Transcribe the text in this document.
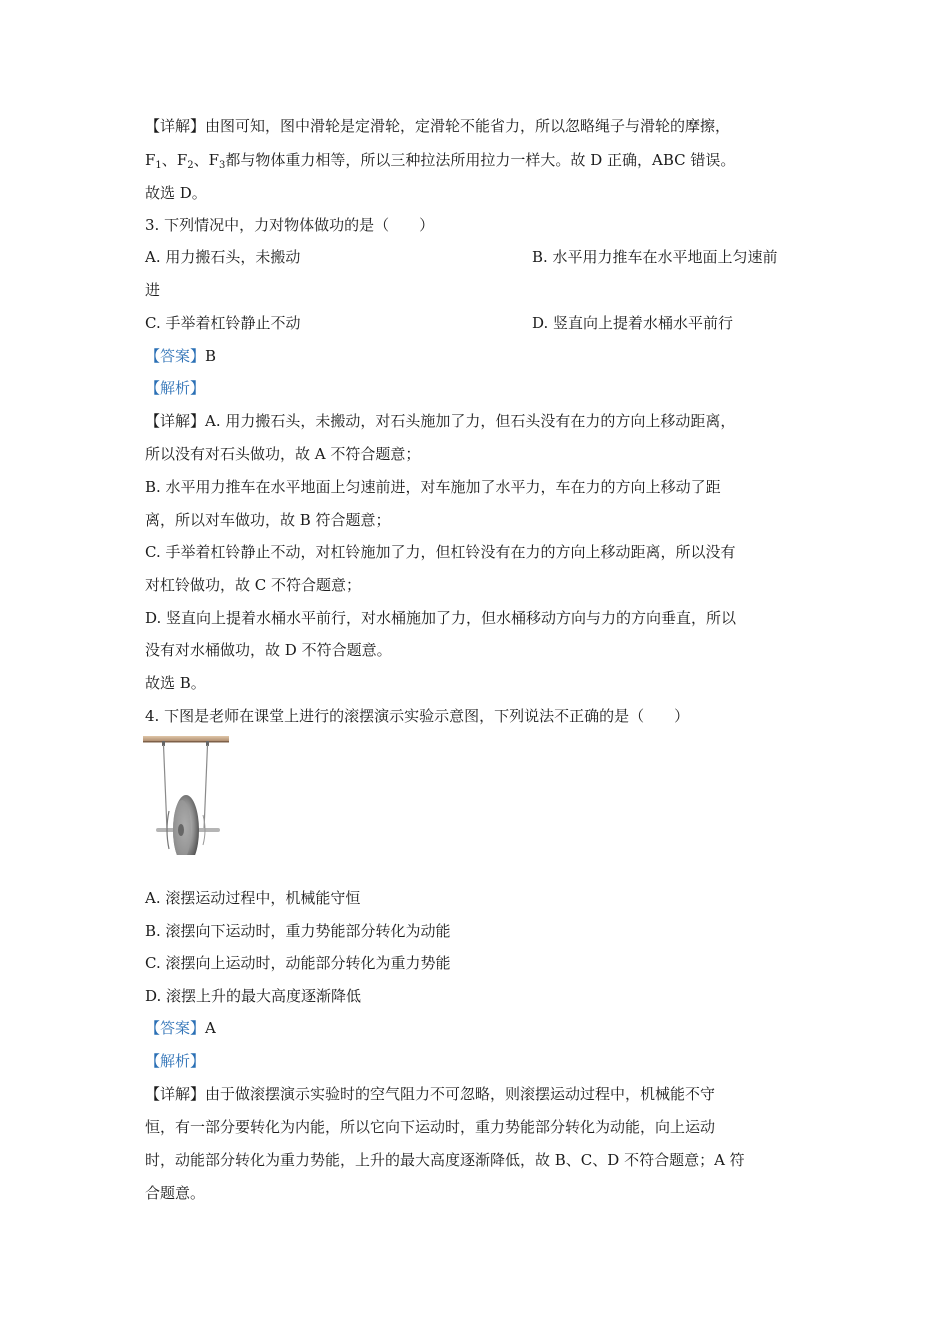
【详解】由图可知，图中滑轮是定滑轮，定滑轮不能省力，所以忽略绳子与滑轮的摩擦，
$F_1$、$F_2$、$F_3$都与物体重力相等，所以三种拉法所用拉力一样大。故 D 正确，ABC 错误。
故选 D。
3. 下列情况中，力对物体做功的是（　　）
A. 用力搬石头，未搬动	B. 水平用力推车在水平地面上匀速前
进
C. 手举着杠铃静止不动	D. 竖直向上提着水桶水平前行
【答案】B
【解析】
【详解】A. 用力搬石头，未搬动，对石头施加了力，但石头没有在力的方向上移动距离，
所以没有对石头做功，故 A 不符合题意；
B. 水平用力推车在水平地面上匀速前进，对车施加了水平力，车在力的方向上移动了距
离，所以对车做功，故 B 符合题意；
C. 手举着杠铃静止不动，对杠铃施加了力，但杠铃没有在力的方向上移动距离，所以没有
对杠铃做功，故 C 不符合题意；
D. 竖直向上提着水桶水平前行，对水桶施加了力，但水桶移动方向与力的方向垂直，所以
没有对水桶做功，故 D 不符合题意。
故选 B。
4. 下图是老师在课堂上进行的滚摆演示实验示意图，下列说法不正确的是（　　）
A. 滚摆运动过程中，机械能守恒
B. 滚摆向下运动时，重力势能部分转化为动能
C. 滚摆向上运动时，动能部分转化为重力势能
D. 滚摆上升的最大高度逐渐降低
【答案】A
【解析】
【详解】由于做滚摆演示实验时的空气阻力不可忽略，则滚摆运动过程中，机械能不守
恒，有一部分要转化为内能，所以它向下运动时，重力势能部分转化为动能，向上运动
时，动能部分转化为重力势能，上升的最大高度逐渐降低，故 B、C、D 不符合题意；A 符
合题意。
